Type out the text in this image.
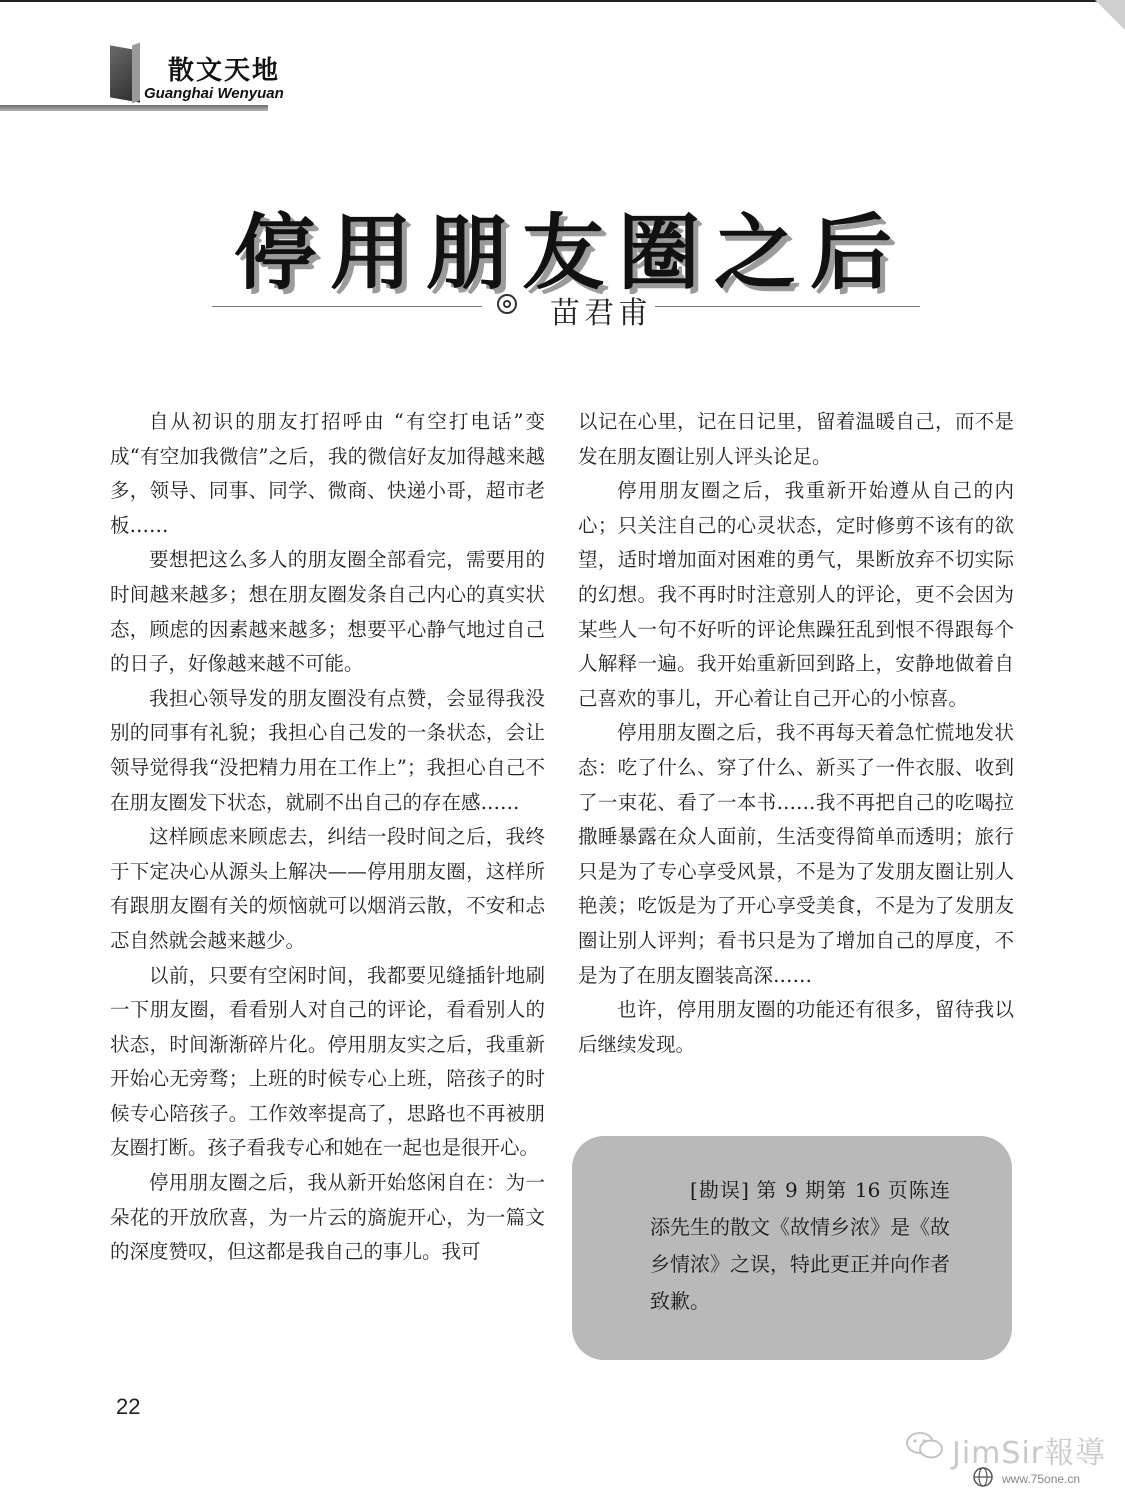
散文天地
Guanghai Wenyuan
停用朋友圈之后
苗君甫

自从初识的朋友打招呼由 “有空打电话”变成“有空加我微信”之后，我的微信好友加得越来越多，领导、同事、同学、微商、快递小哥，超市老板……

要想把这么多人的朋友圈全部看完，需要用的时间越来越多；想在朋友圈发条自己内心的真实状态，顾虑的因素越来越多；想要平心静气地过自己的日子，好像越来越不可能。

我担心领导发的朋友圈没有点赞，会显得我没别的同事有礼貌；我担心自己发的一条状态，会让领导觉得我“没把精力用在工作上”；我担心自己不在朋友圈发下状态，就刷不出自己的存在感……

这样顾虑来顾虑去，纠结一段时间之后，我终于下定决心从源头上解决——停用朋友圈，这样所有跟朋友圈有关的烦恼就可以烟消云散，不安和忐忑自然就会越来越少。

以前，只要有空闲时间，我都要见缝插针地刷一下朋友圈，看看别人对自己的评论，看看别人的状态，时间渐渐碎片化。停用朋友实之后，我重新开始心无旁骛；上班的时候专心上班，陪孩子的时候专心陪孩子。工作效率提高了，思路也不再被朋友圈打断。孩子看我专心和她在一起也是很开心。

停用朋友圈之后，我从新开始悠闲自在：为一朵花的开放欣喜，为一片云的旖旎开心，为一篇文的深度赞叹，但这都是我自己的事儿。我可

以记在心里，记在日记里，留着温暖自己，而不是发在朋友圈让别人评头论足。

停用朋友圈之后，我重新开始遵从自己的内心；只关注自己的心灵状态，定时修剪不该有的欲望，适时增加面对困难的勇气，果断放弃不切实际的幻想。我不再时时注意别人的评论，更不会因为某些人一句不好听的评论焦躁狂乱到恨不得跟每个人解释一遍。我开始重新回到路上，安静地做着自己喜欢的事儿，开心着让自己开心的小惊喜。

停用朋友圈之后，我不再每天着急忙慌地发状态：吃了什么、穿了什么、新买了一件衣服、收到了一束花、看了一本书……我不再把自己的吃喝拉撒睡暴露在众人面前，生活变得简单而透明；旅行只是为了专心享受风景，不是为了发朋友圈让别人艳羡；吃饭是为了开心享受美食，不是为了发朋友圈让别人评判；看书只是为了增加自己的厚度，不是为了在朋友圈装高深……

也许，停用朋友圈的功能还有很多，留待我以后继续发现。

[勘误] 第 9 期第 16 页陈连添先生的散文《故情乡浓》是《故乡情浓》之误，特此更正并向作者致歉。

22
JimSir報導
www.75one.cn
